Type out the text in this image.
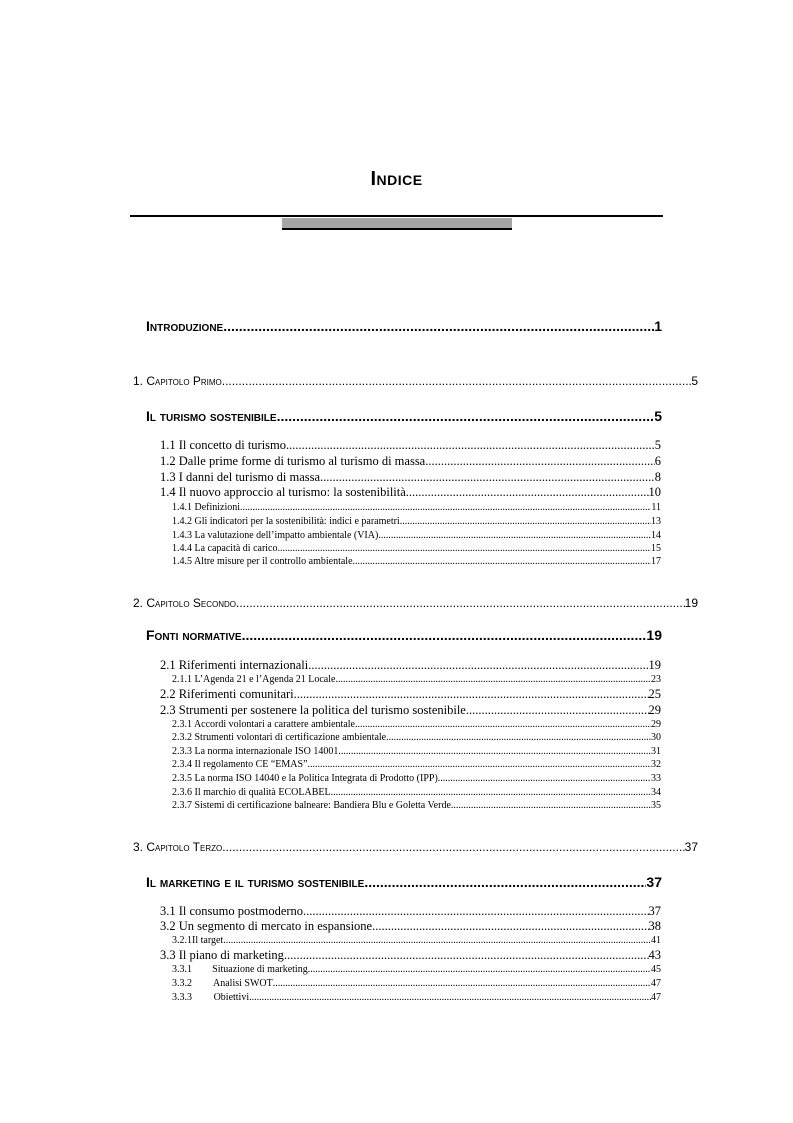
Indice
Introduzione .....	1
1. Capitolo Primo .....	5
Il turismo sostenibile .....	5
1.1 Il concetto di turismo .....	5
1.2 Dalle prime forme di turismo al turismo di massa .....	6
1.3 I danni del turismo di massa .....	8
1.4 Il nuovo approccio al turismo: la sostenibilità .....	10
1.4.1 Definizioni .....	11
1.4.2 Gli indicatori per la sostenibilità: indici e parametri .....	13
1.4.3 La valutazione dell’impatto ambientale (VIA) .....	14
1.4.4 La capacità di carico .....	15
1.4.5 Altre misure per il controllo ambientale .....	17
2. Capitolo Secondo .....	19
Fonti normative .....	19
2.1 Riferimenti internazionali .....	19
2.1.1 L’Agenda 21 e l’Agenda 21 Locale .....	23
2.2 Riferimenti comunitari .....	25
2.3 Strumenti per sostenere la politica del turismo sostenibile .....	29
2.3.1 Accordi volontari a carattere ambientale .....	29
2.3.2 Strumenti volontari di certificazione ambientale .....	30
2.3.3 La norma internazionale ISO 14001 .....	31
2.3.4 Il regolamento CE “EMAS” .....	32
2.3.5 La norma ISO 14040 e la Politica Integrata di Prodotto (IPP) .....	33
2.3.6 Il marchio di qualità ECOLABEL .....	34
2.3.7 Sistemi di certificazione balneare: Bandiera Blu e Goletta Verde .....	35
3. Capitolo Terzo .....	37
Il marketing e il turismo sostenibile .....	37
3.1 Il consumo postmoderno .....	37
3.2 Un segmento di mercato in espansione .....	38
3.2.1Il target .....	41
3.3 Il piano di marketing .....	43
3.3.1 Situazione di marketing .....	45
3.3.2 Analisi SWOT .....	47
3.3.3 Obiettivi .....	47
